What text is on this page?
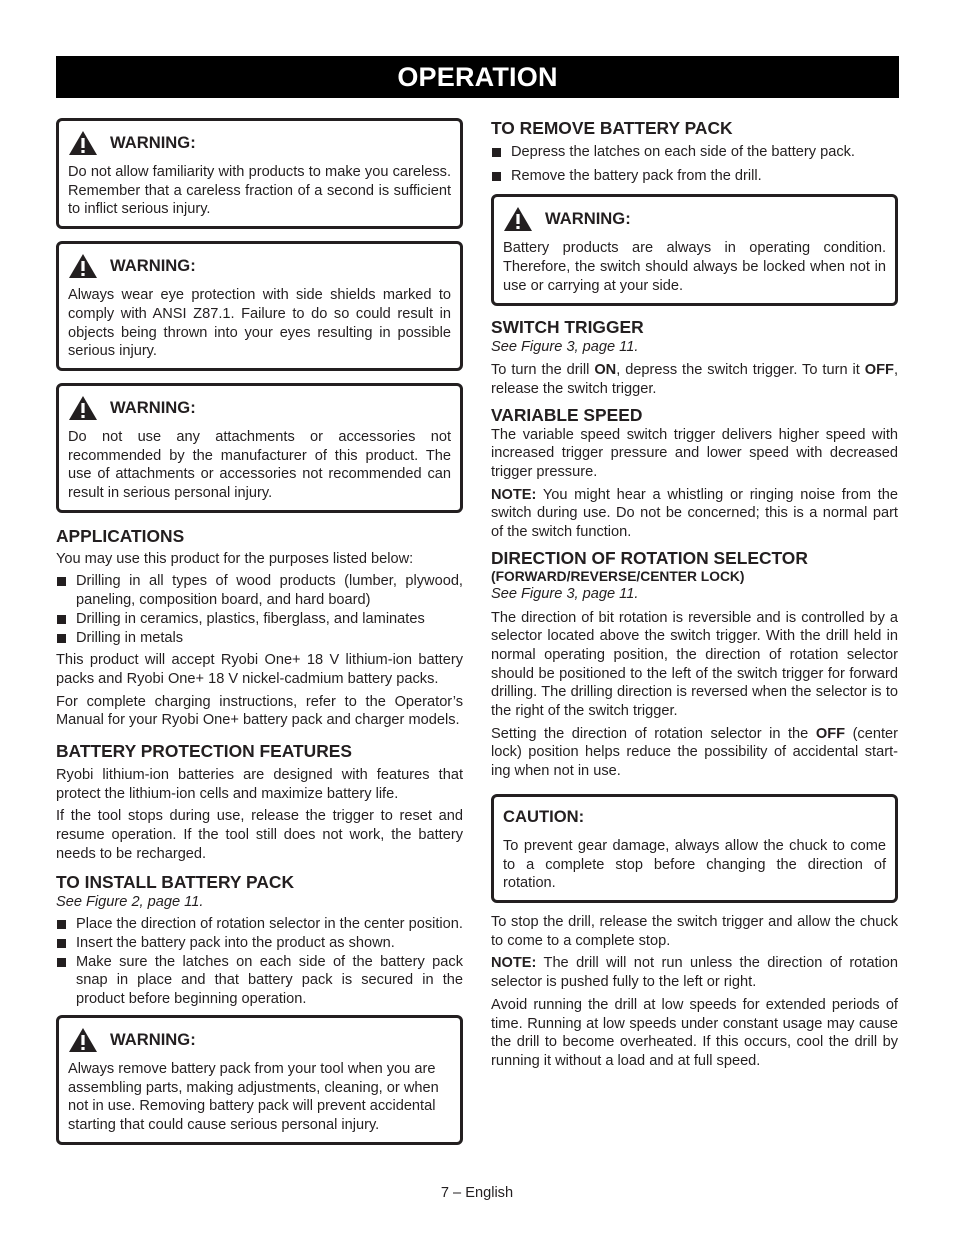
OPERATION
WARNING:

Do not allow familiarity with products to make you careless. Remember that a careless fraction of a second is sufficient to inflict serious injury.

WARNING:

Always wear eye protection with side shields marked to comply with ANSI Z87.1. Failure to do so could result in objects being thrown into your eyes resulting in possible serious injury.

WARNING:

Do not use any attachments or accessories not recommended by the manufacturer of this product. The use of attachments or accessories not recommended can result in serious personal injury.

APPLICATIONS

You may use this product for the purposes listed below:

Drilling in all types of wood products (lumber, plywood, paneling, composition board, and hard board)
Drilling in ceramics, plastics, fiberglass, and laminates
Drilling in metals

This product will accept Ryobi One+ 18 V lithium-ion battery packs and Ryobi One+ 18 V nickel-cadmium battery packs.

For complete charging instructions, refer to the Operator’s Manual for your Ryobi One+ battery pack and charger models.

BATTERY PROTECTION FEATURES

Ryobi lithium-ion batteries are designed with features that protect the lithium-ion cells and maximize battery life.

If the tool stops during use, release the trigger to reset and resume operation. If the tool still does not work, the battery needs to be recharged.

TO INSTALL BATTERY PACK

See Figure 2, page 11.

Place the direction of rotation selector in the center position.
Insert the battery pack into the product as shown.
Make sure the latches on each side of the battery pack snap in place and that battery pack is secured in the product before beginning operation.
WARNING:

Always remove battery pack from your tool when you are assembling parts, making adjustments, cleaning, or when not in use. Removing battery pack will prevent accidental starting that could cause serious personal injury.

TO REMOVE BATTERY PACK
Depress the latches on each side of the battery pack.
Remove the battery pack from the drill.
WARNING:

Battery products are always in operating condition. Therefore, the switch should always be locked when not in use or carrying at your side.

SWITCH TRIGGER

See Figure 3, page 11.

To turn the drill ON, depress the switch trigger. To turn it OFF, release the switch trigger.

VARIABLE SPEED

The variable speed switch trigger delivers higher speed with increased trigger pressure and lower speed with decreased trigger pressure.

NOTE: You might hear a whistling or ringing noise from the switch during use. Do not be concerned; this is a normal part of the switch function.

DIRECTION OF ROTATION SELECTOR
(FORWARD/REVERSE/CENTER LOCK)

See Figure 3, page 11.

The direction of bit rotation is reversible and is controlled by a selector located above the switch trigger. With the drill held in normal operating position, the direction of rotation selector should be positioned to the left of the switch trigger for forward drilling. The drilling direction is reversed when the selector is to the right of the switch trigger.

Setting the direction of rotation selector in the OFF (center lock) position helps reduce the possibility of accidental start-ing when not in use.

CAUTION:

To prevent gear damage, always allow the chuck to come to a complete stop before changing the direction of rotation.

To stop the drill, release the switch trigger and allow the chuck to come to a complete stop.

NOTE: The drill will not run unless the direction of rotation selector is pushed fully to the left or right.

Avoid running the drill at low speeds for extended periods of time. Running at low speeds under constant usage may cause the drill to become overheated. If this occurs, cool the drill by running it without a load and at full speed.

7 – English
